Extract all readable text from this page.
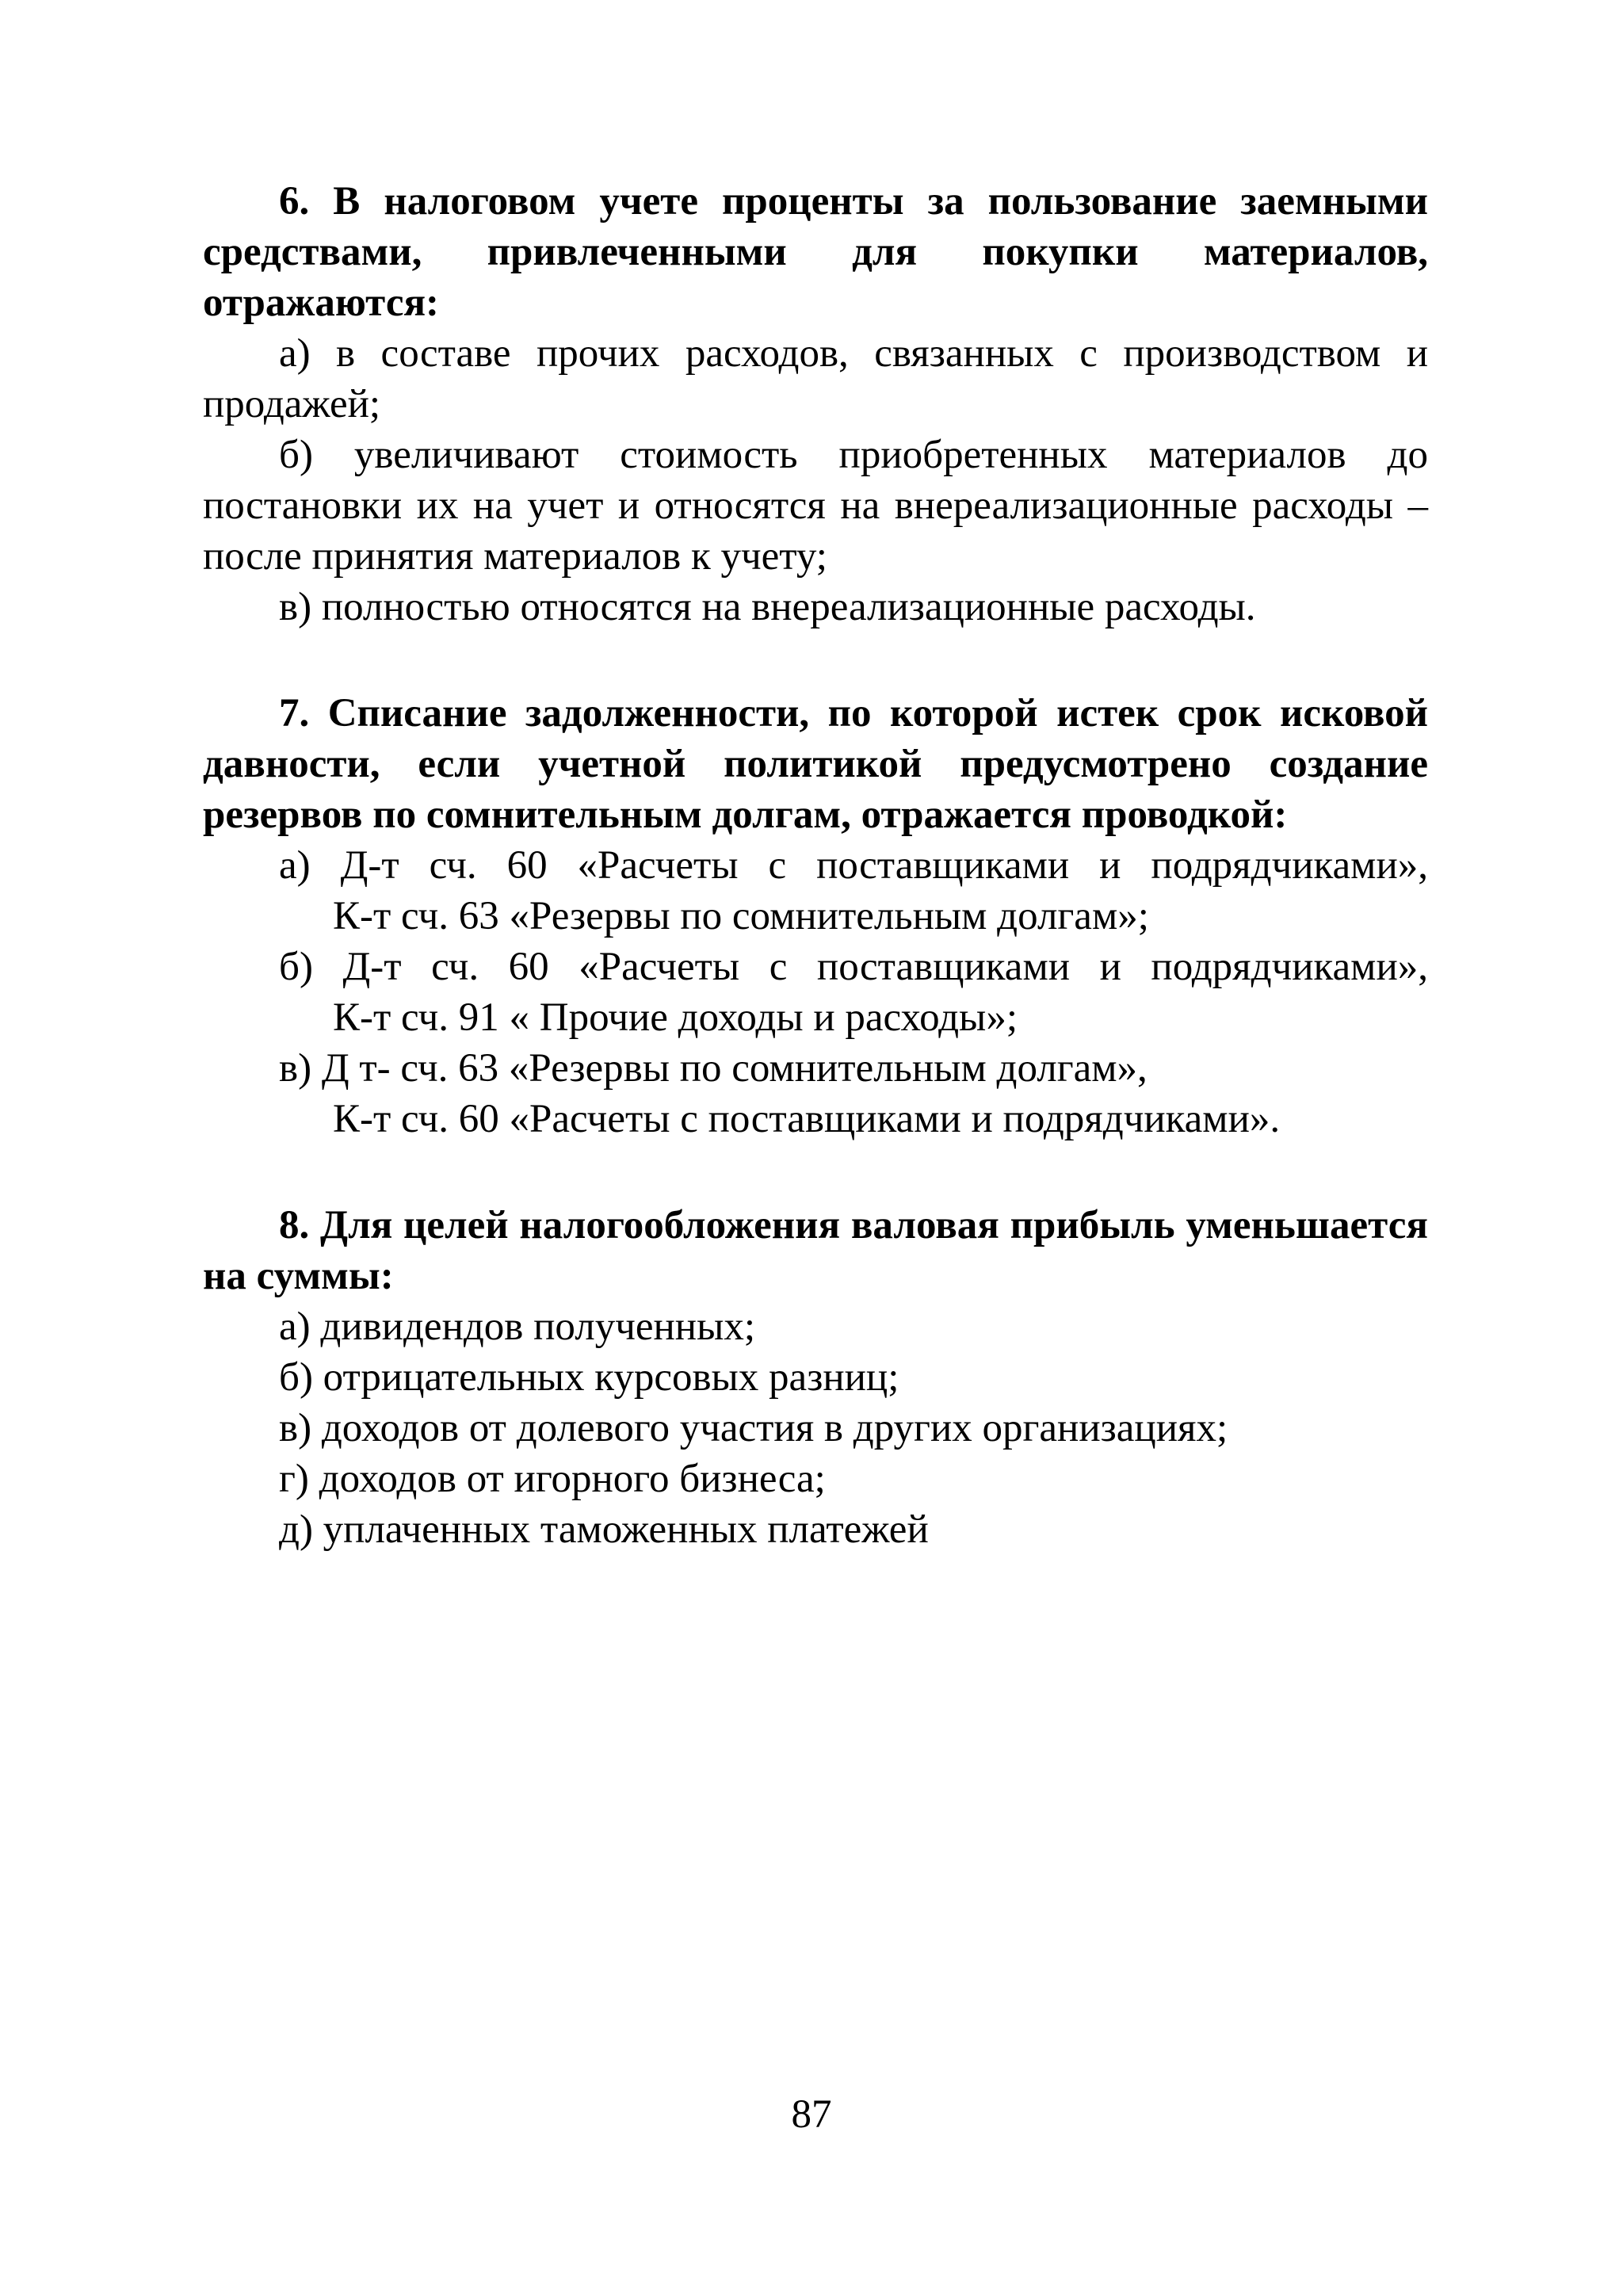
6. В налоговом учете проценты за пользование заемными средствами, привлеченными для покупки материалов, отражаются:

а) в составе прочих расходов, связанных с производством и продажей;

б) увеличивают стоимость приобретенных материалов до постановки их на учет и относятся на внереализационные расходы – после принятия материалов к учету;

в) полностью относятся на внереализационные расходы.

7. Списание задолженности, по которой истек срок исковой давности, если учетной политикой предусмотрено создание резервов по сомнительным долгам, отражается проводкой:

а) Д-т сч. 60 «Расчеты с поставщиками и подрядчиками»,
К-т сч. 63 «Резервы по сомнительным долгам»;
б) Д-т сч. 60 «Расчеты с поставщиками и подрядчиками»,
К-т сч. 91 « Прочие доходы и расходы»;
в) Д т- сч. 63 «Резервы по сомнительным долгам»,
К-т сч. 60 «Расчеты с поставщиками и подрядчиками».

8. Для целей налогообложения валовая прибыль уменьшается на суммы:

а) дивидендов полученных;

б) отрицательных курсовых разниц;

в) доходов от долевого участия в других организациях;

г) доходов от игорного бизнеса;

д) уплаченных таможенных платежей

87
